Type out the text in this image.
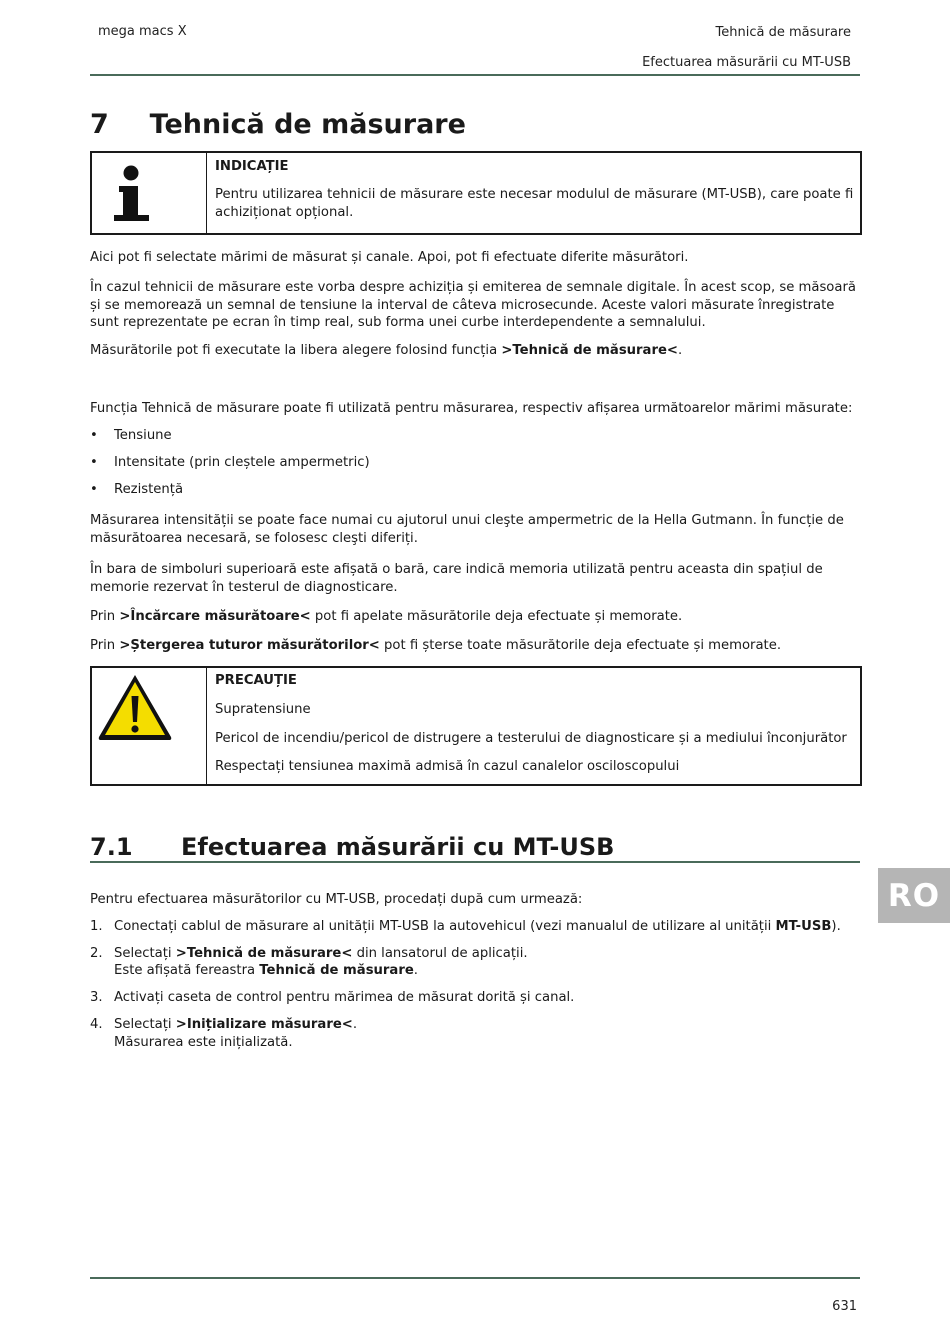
mega macs X	Tehnică de măsurare
Efectuarea măsurării cu MT-USB
7 Tehnică de măsurare
INDICAȚIE
Pentru utilizarea tehnicii de măsurare este necesar modulul de măsurare (MT-USB), care poate fi achiziționat opțional.
Aici pot fi selectate mărimi de măsurat și canale. Apoi, pot fi efectuate diferite măsurători.
În cazul tehnicii de măsurare este vorba despre achiziția și emiterea de semnale digitale. În acest scop, se măsoară și se memorează un semnal de tensiune la interval de câteva microsecunde. Aceste valori măsurate înregistrate sunt reprezentate pe ecran în timp real, sub forma unei curbe interdependente a semnalului.
Măsurătorile pot fi executate la libera alegere folosind funcția >Tehnică de măsurare<.
Funcția Tehnică de măsurare poate fi utilizată pentru măsurarea, respectiv afișarea următoarelor mărimi măsurate:
• Tensiune
• Intensitate (prin cleștele ampermetric)
• Rezistență
Măsurarea intensității se poate face numai cu ajutorul unui cleşte ampermetric de la Hella Gutmann. În funcție de măsurătoarea necesară, se folosesc cleşti diferiți.
În bara de simboluri superioară este afișată o bară, care indică memoria utilizată pentru aceasta din spațiul de memorie rezervat în testerul de diagnosticare.
Prin >Încărcare măsurătoare< pot fi apelate măsurătorile deja efectuate și memorate.
Prin >Ștergerea tuturor măsurătorilor< pot fi șterse toate măsurătorile deja efectuate și memorate.
PRECAUȚIE
Supratensiune
Pericol de incendiu/pericol de distrugere a testerului de diagnosticare și a mediului înconjurător
Respectați tensiunea maximă admisă în cazul canalelor osciloscopului
7.1 Efectuarea măsurării cu MT-USB
RO
Pentru efectuarea măsurătorilor cu MT-USB, procedați după cum urmează:
1. Conectați cablul de măsurare al unității MT-USB la autovehicul (vezi manualul de utilizare al unității MT-USB).
2. Selectați >Tehnică de măsurare< din lansatorul de aplicații.
Este afișată fereastra Tehnică de măsurare.
3. Activați caseta de control pentru mărimea de măsurat dorită și canal.
4. Selectați >Inițializare măsurare<.
Măsurarea este inițializată.
631
